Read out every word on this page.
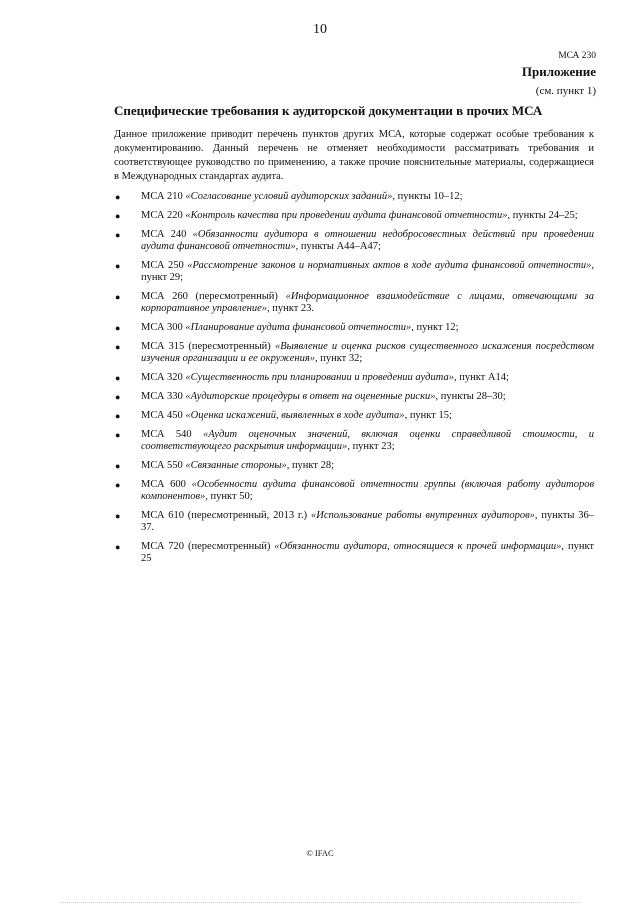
10
МСА 230
Приложение
(см. пункт 1)
Специфические требования к аудиторской документации в прочих МСА

Данное приложение приводит перечень пунктов других МСА, которые содержат особые требования к документированию. Данный перечень не отменяет необходимости рассматривать требования и соответствующее руководство по применению, а также прочие пояснительные материалы, содержащиеся в Международных стандартах аудита.

● МСА 210 «Согласование условий аудиторских заданий», пункты 10–12;
● МСА 220 «Контроль качества при проведении аудита финансовой отчетности», пункты 24–25;
● МСА 240 «Обязанности аудитора в отношении недобросовестных действий при проведении аудита финансовой отчетности», пункты А44–А47;
● МСА 250 «Рассмотрение законов и нормативных актов в ходе аудита финансовой отчетности», пункт 29;
● МСА 260 (пересмотренный) «Информационное взаимодействие с лицами, отвечающими за корпоративное управление», пункт 23.
● МСА 300 «Планирование аудита финансовой отчетности», пункт 12;
● МСА 315 (пересмотренный) «Выявление и оценка рисков существенного искажения посредством изучения организации и ее окружения», пункт 32;
● МСА 320 «Существенность при планировании и проведении аудита», пункт А14;
● МСА 330 «Аудиторские процедуры в ответ на оцененные риски», пункты 28–30;
● МСА 450 «Оценка искажений, выявленных в ходе аудита», пункт 15;
● МСА 540 «Аудит оценочных значений, включая оценки справедливой стоимости, и соответствующего раскрытия информации», пункт 23;
● МСА 550 «Связанные стороны», пункт 28;
● МСА 600 «Особенности аудита финансовой отчетности группы (включая работу аудиторов компонентов», пункт 50;
● МСА 610 (пересмотренный, 2013 г.) «Использование работы внутренних аудиторов», пункты 36–37.
● МСА 720 (пересмотренный) «Обязанности аудитора, относящиеся к прочей информации», пункт 25
© IFAC
